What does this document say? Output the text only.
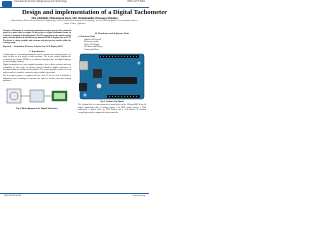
International Journal of Engineering and Technology	ISSN: 2277-3061
Design and implementation of a Digital Tachometer
Md. Abdullah, Mohammad Razu, Md. Shahabuddin, Hosneara Shamim
Department of Electrical and Electronic Engineering, Jessore University of Science and Technology, Jessore-7408, Bangladesh. Corresponding Author: Author's Name, Affiliation

Abstract: Tachometer is a measuring instrument used to measure the rotational speed of a motor shaft or engine. In this project, a digital tachometer based on Arduino is designed and implemented. The IR sensor detects the rotation of the motor and the number of revolutions per minute (RPM) is displayed on an LCD. The device is cheap, portable and accurate and gives precise results within the working range.

Keywords— Tachometer, IR Sensor, Arduino Uno, LCD Display, RPM

I. Introduction

A tachometer is a measuring instrument used to measure the rotational speed of a shaft or disk, as in a motor or other machine. The device usually displays the revolutions per minute (RPM) on a calibrated analogue dial, but digital displays are increasingly common.

Digital tachometers are more popular nowadays, due to their accuracy and easy readability. In this work an infrared based contactless digital tachometer is developed using an Arduino microcontroller. The sensor generates a pulse for each rotation and the controller counts the pulses within a given time.

The developed system is compact and low cost. It can be used in industries, laboratories and workshops to measure the speed of motors, fans and rotating machines.

Fig.1: Block diagram of the Digital Tachometer
II. Hardware and Software Tools
A. Hardware Tools
• Arduino UNO board
• IR Sensor module
• 16x2 LCD Display
• DC Motor and Battery
• Connecting Wires
Fig.2: Arduino Uno Board

The Arduino Uno is a microcontroller board based on the ATmega328P. It has 14 digital input/output pins, 6 analog inputs, a 16 MHz quartz crystal, a USB connection, a power jack, an ICSP header and a reset button. It contains everything needed to support the microcontroller.

IJERTV3IS100264	www.ijert.org
